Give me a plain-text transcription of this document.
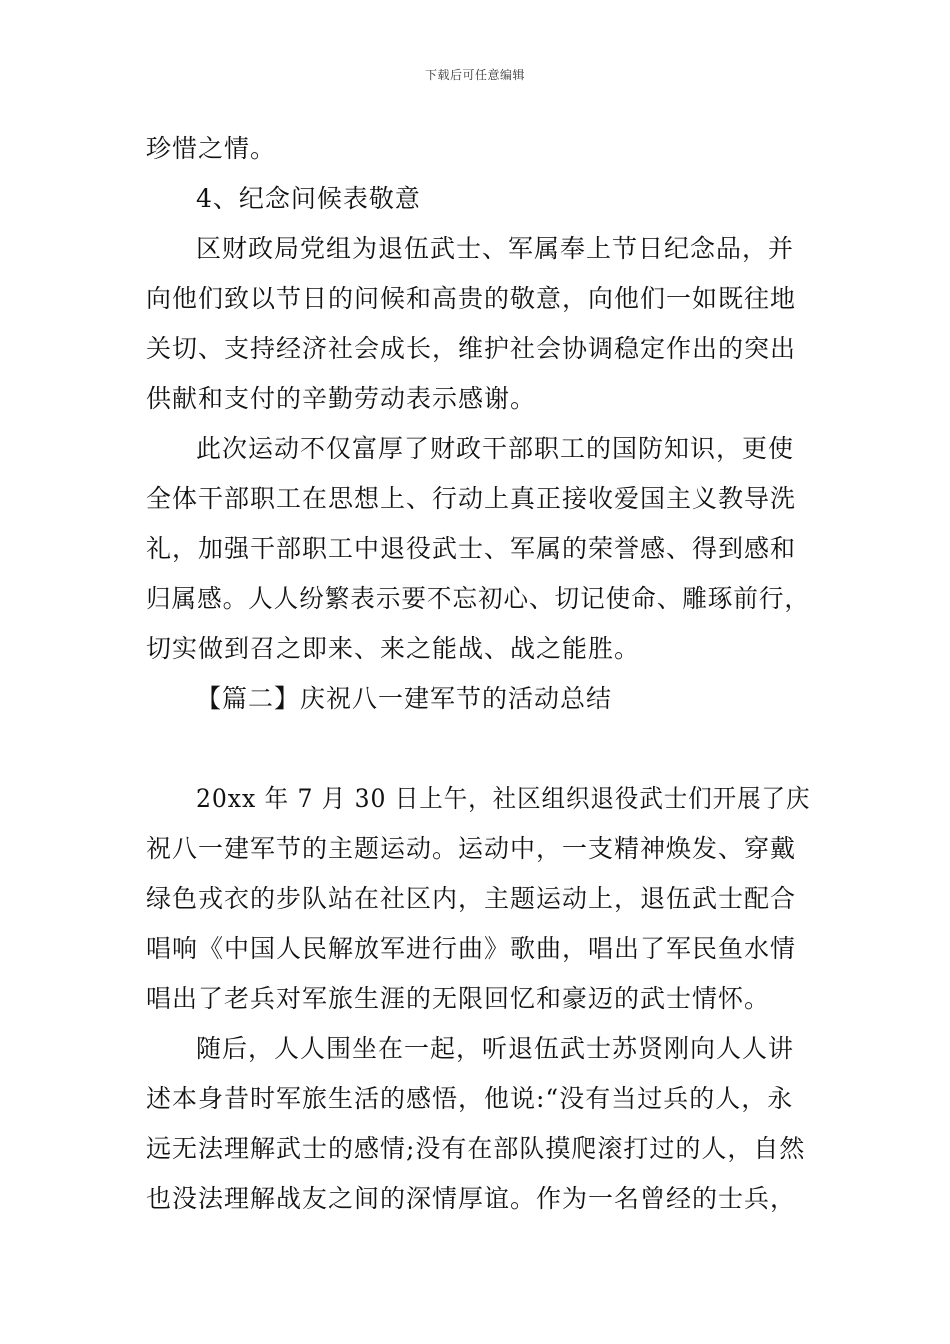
下载后可任意编辑
珍惜之情。
4、纪念问候表敬意
区财政局党组为退伍武士、军属奉上节日纪念品，并
向他们致以节日的问候和高贵的敬意，向他们一如既往地
关切、支持经济社会成长，维护社会协调稳定作出的突出
供献和支付的辛勤劳动表示感谢。
此次运动不仅富厚了财政干部职工的国防知识，更使
全体干部职工在思想上、行动上真正接收爱国主义教导洗
礼，加强干部职工中退役武士、军属的荣誉感、得到感和
归属感。人人纷繁表示要不忘初心、切记使命、雕琢前行，
切实做到召之即来、来之能战、战之能胜。
【篇二】庆祝八一建军节的活动总结
20xx 年 7 月 30 日上午，社区组织退役武士们开展了庆
祝八一建军节的主题运动。运动中，一支精神焕发、穿戴
绿色戎衣的步队站在社区内，主题运动上，退伍武士配合
唱响《中国人民解放军进行曲》歌曲，唱出了军民鱼水情
唱出了老兵对军旅生涯的无限回忆和豪迈的武士情怀。
随后，人人围坐在一起，听退伍武士苏贤刚向人人讲
述本身昔时军旅生活的感悟，他说:“没有当过兵的人，永
远无法理解武士的感情;没有在部队摸爬滚打过的人，自然
也没法理解战友之间的深情厚谊。作为一名曾经的士兵，
